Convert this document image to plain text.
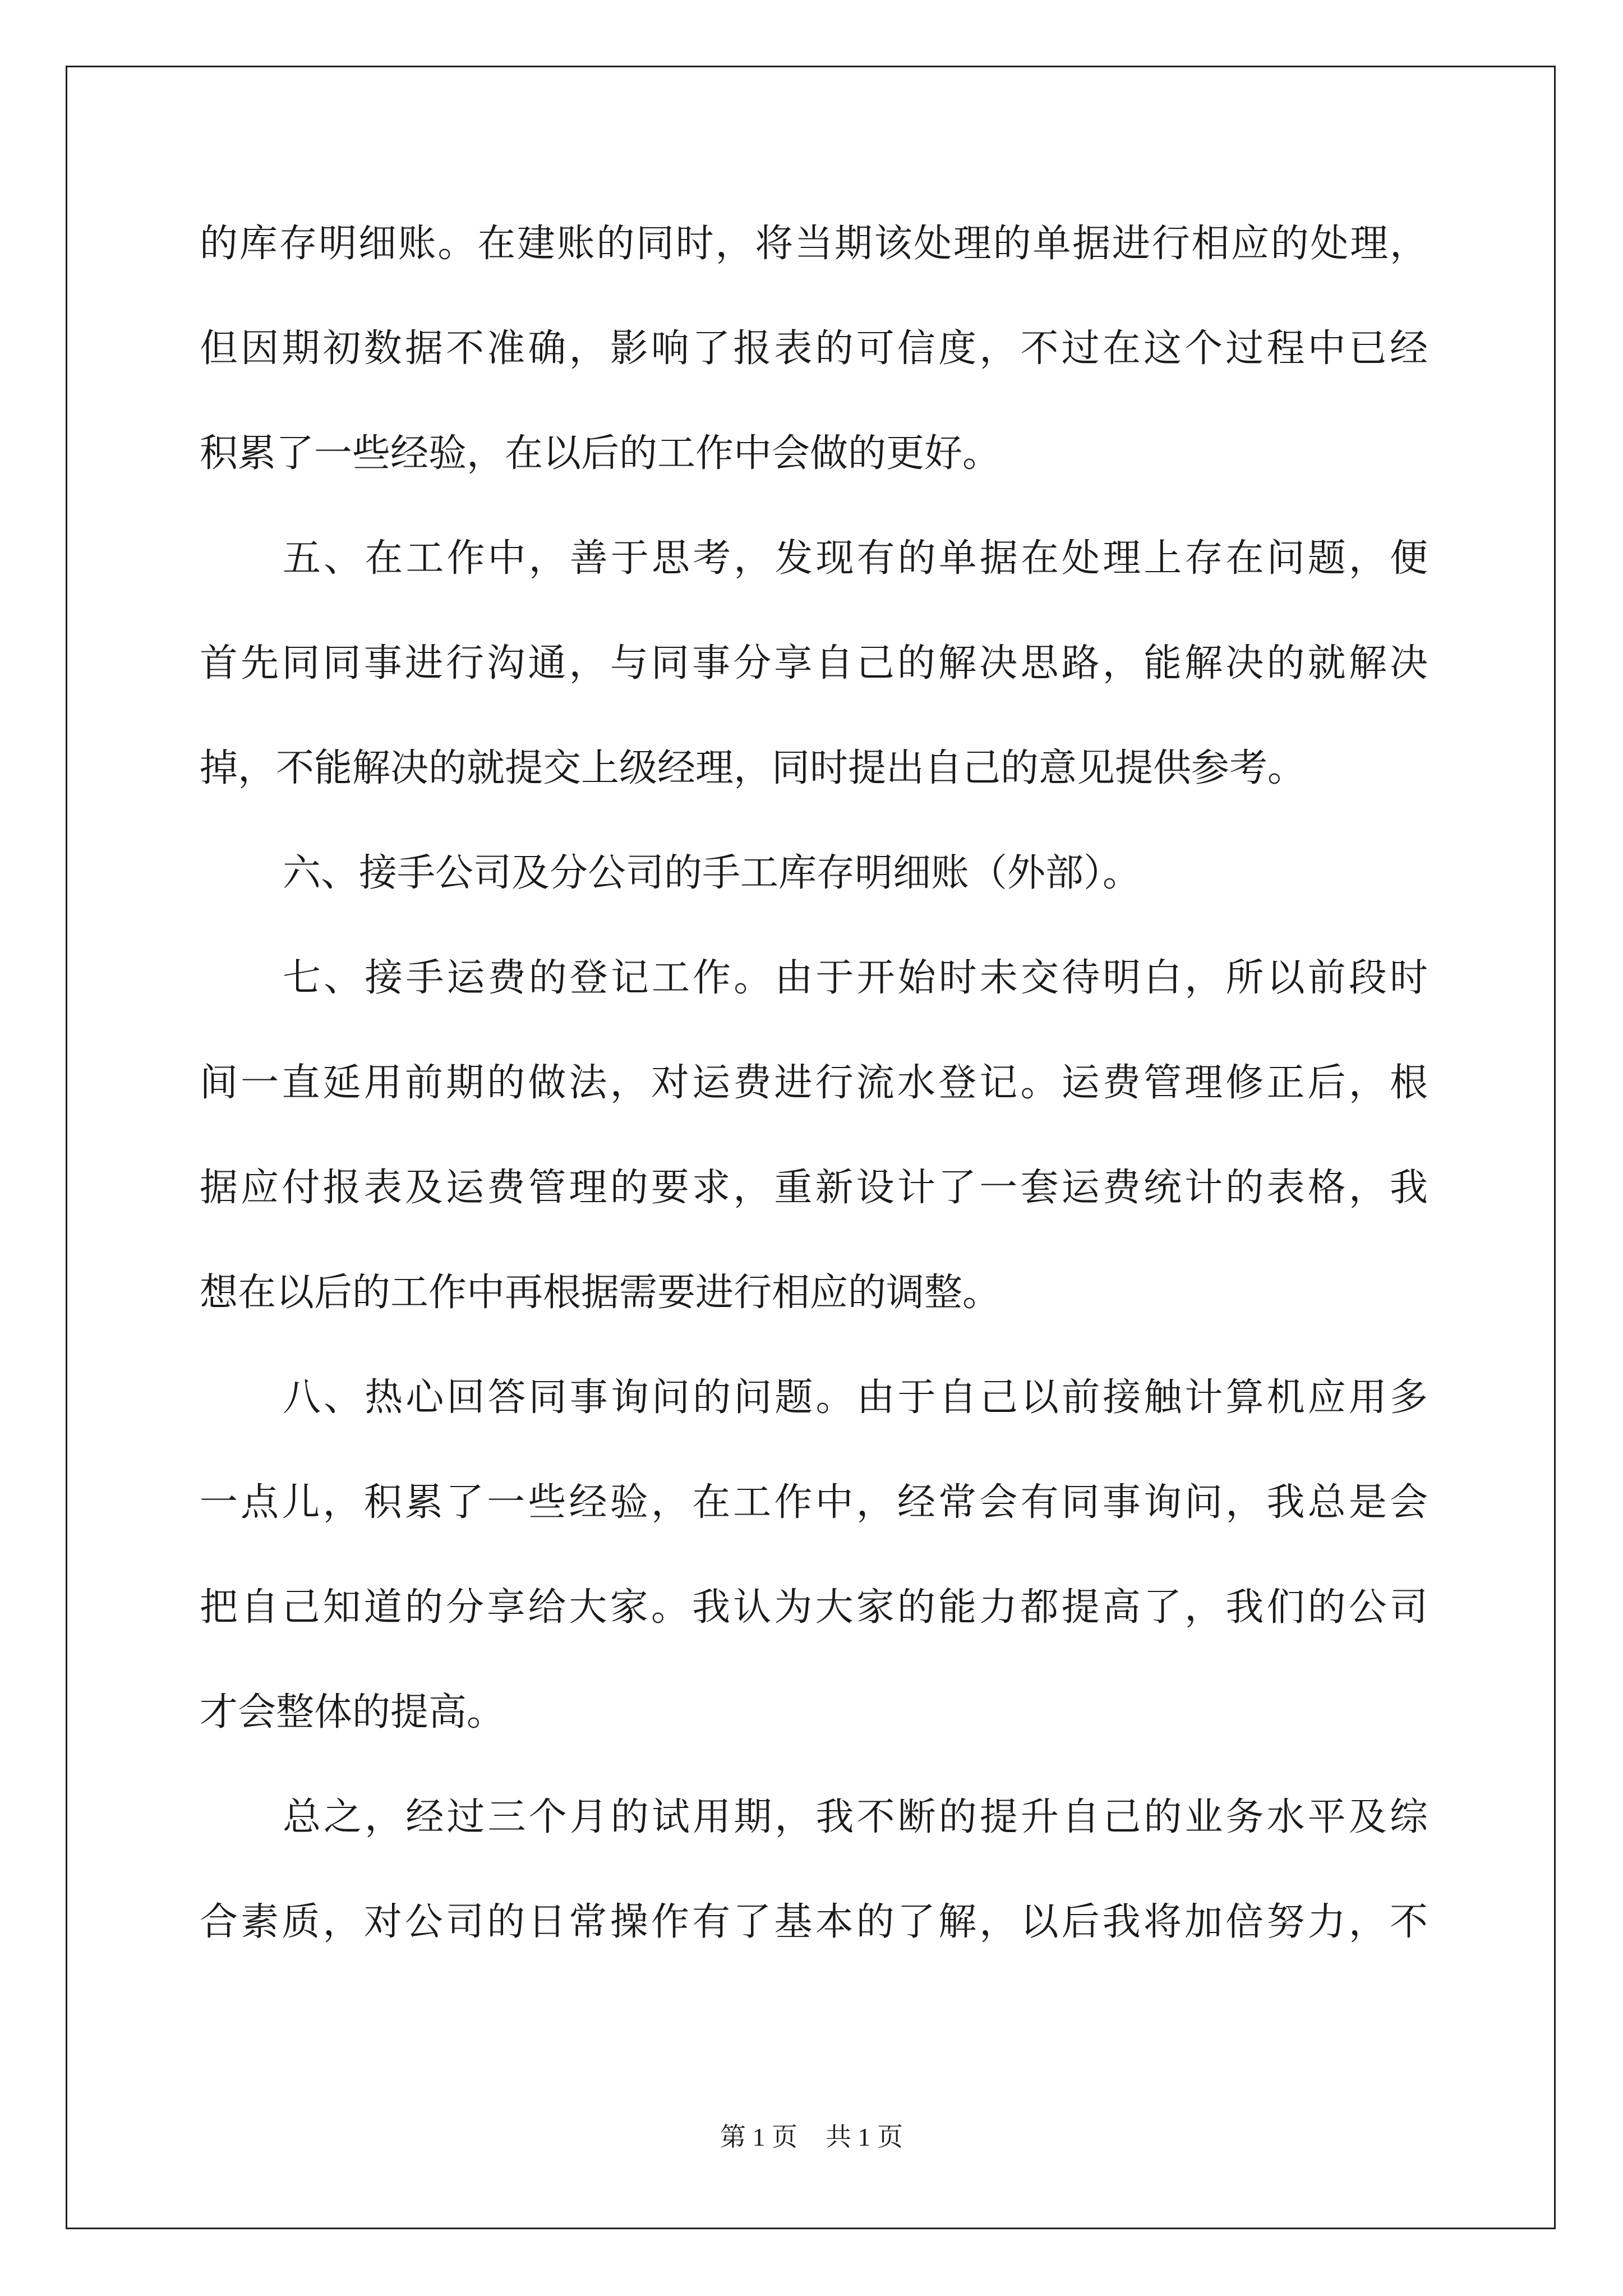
的库存明细账。在建账的同时，将当期该处理的单据进行相应的处理，
但因期初数据不准确，影响了报表的可信度，不过在这个过程中已经
积累了一些经验，在以后的工作中会做的更好。
五、在工作中，善于思考，发现有的单据在处理上存在问题，便
首先同同事进行沟通，与同事分享自己的解决思路，能解决的就解决
掉，不能解决的就提交上级经理，同时提出自己的意见提供参考。
六、接手公司及分公司的手工库存明细账（外部）。
七、接手运费的登记工作。由于开始时未交待明白，所以前段时
间一直延用前期的做法，对运费进行流水登记。运费管理修正后，根
据应付报表及运费管理的要求，重新设计了一套运费统计的表格，我
想在以后的工作中再根据需要进行相应的调整。
八、热心回答同事询问的问题。由于自己以前接触计算机应用多
一点儿，积累了一些经验，在工作中，经常会有同事询问，我总是会
把自己知道的分享给大家。我认为大家的能力都提高了，我们的公司
才会整体的提高。
总之，经过三个月的试用期，我不断的提升自己的业务水平及综
合素质，对公司的日常操作有了基本的了解，以后我将加倍努力，不
第 1 页 共 1 页
